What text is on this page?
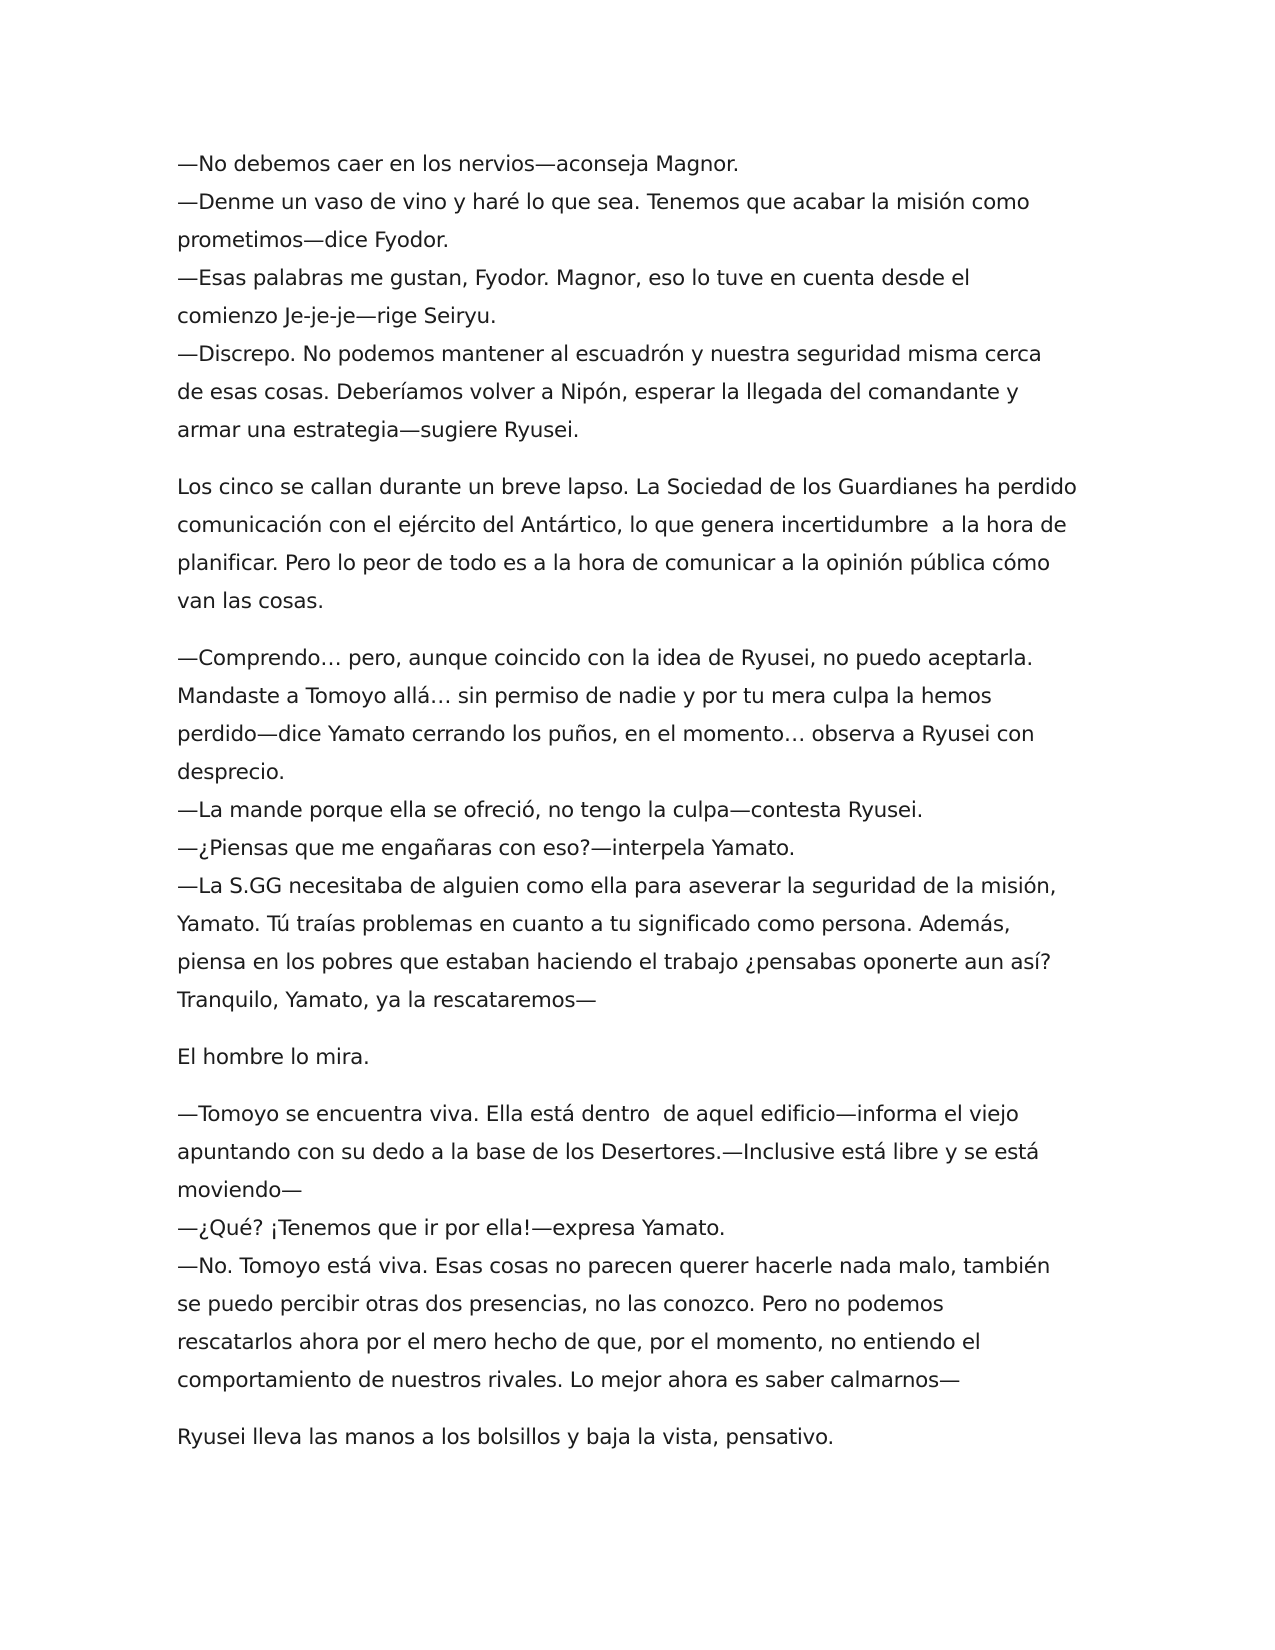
—No debemos caer en los nervios—aconseja Magnor.
—Denme un vaso de vino y haré lo que sea. Tenemos que acabar la misión como
prometimos—dice Fyodor.
—Esas palabras me gustan, Fyodor. Magnor, eso lo tuve en cuenta desde el
comienzo Je-je-je—rige Seiryu.
—Discrepo. No podemos mantener al escuadrón y nuestra seguridad misma cerca
de esas cosas. Deberíamos volver a Nipón, esperar la llegada del comandante y
armar una estrategia—sugiere Ryusei.
Los cinco se callan durante un breve lapso. La Sociedad de los Guardianes ha perdido
comunicación con el ejército del Antártico, lo que genera incertidumbre  a la hora de
planificar. Pero lo peor de todo es a la hora de comunicar a la opinión pública cómo
van las cosas.
—Comprendo… pero, aunque coincido con la idea de Ryusei, no puedo aceptarla.
Mandaste a Tomoyo allá… sin permiso de nadie y por tu mera culpa la hemos
perdido—dice Yamato cerrando los puños, en el momento… observa a Ryusei con
desprecio.
—La mande porque ella se ofreció, no tengo la culpa—contesta Ryusei.
—¿Piensas que me engañaras con eso?—interpela Yamato.
—La S.GG necesitaba de alguien como ella para aseverar la seguridad de la misión,
Yamato. Tú traías problemas en cuanto a tu significado como persona. Además,
piensa en los pobres que estaban haciendo el trabajo ¿pensabas oponerte aun así?
Tranquilo, Yamato, ya la rescataremos—
El hombre lo mira.
—Tomoyo se encuentra viva. Ella está dentro  de aquel edificio—informa el viejo
apuntando con su dedo a la base de los Desertores.—Inclusive está libre y se está
moviendo—
—¿Qué? ¡Tenemos que ir por ella!—expresa Yamato.
—No. Tomoyo está viva. Esas cosas no parecen querer hacerle nada malo, también
se puedo percibir otras dos presencias, no las conozco. Pero no podemos
rescatarlos ahora por el mero hecho de que, por el momento, no entiendo el
comportamiento de nuestros rivales. Lo mejor ahora es saber calmarnos—
Ryusei lleva las manos a los bolsillos y baja la vista, pensativo.
